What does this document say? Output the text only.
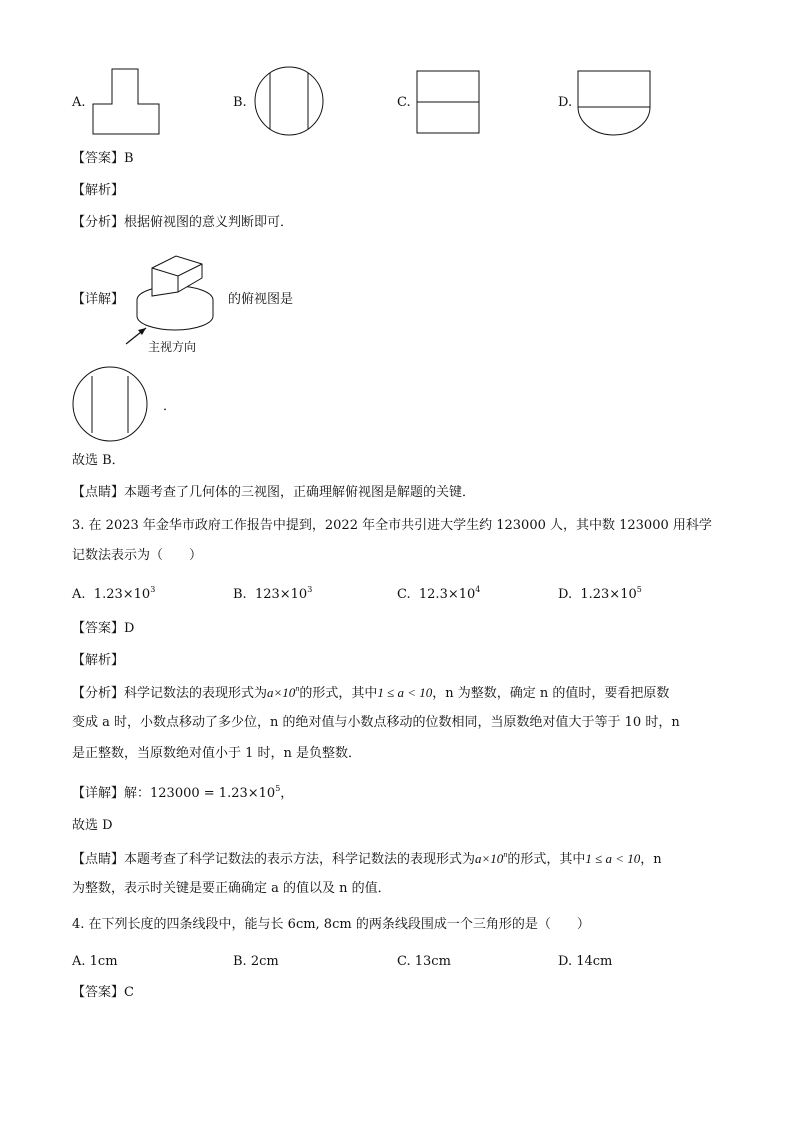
A.	B.	C.	D.
【答案】B
【解析】
【分析】根据俯视图的意义判断即可．
【详解】
主视方向
的俯视图是
．
故选 B．
【点睛】本题考查了几何体的三视图，正确理解俯视图是解题的关键．
3. 在 2023 年金华市政府工作报告中提到，2022 年全市共引进大学生约 123000 人，其中数 123000 用科学
记数法表示为（　　）
A. $1.23\times 10^3$	B. $123\times 10^3$	C. $12.3\times 10^4$	D. $1.23\times 10^5$
【答案】D
【解析】
【分析】科学记数法的表现形式为$a\times 10^n$的形式，其中1 ≤ a < 10，n 为整数，确定 n 的值时，要看把原数
变成 a 时，小数点移动了多少位，n 的绝对值与小数点移动的位数相同，当原数绝对值大于等于 10 时，n
是正整数，当原数绝对值小于 1 时，n 是负整数．
【详解】解：$123000 = 1.23\times 10^5$，
故选 D
【点睛】本题考查了科学记数法的表示方法，科学记数法的表现形式为$a\times 10^n$的形式，其中1 ≤ a < 10，n
为整数，表示时关键是要正确确定 a 的值以及 n 的值．
4. 在下列长度的四条线段中，能与长 6cm, 8cm 的两条线段围成一个三角形的是（　　）
A. 1cm	B. 2cm	C. 13cm	D. 14cm
【答案】C
